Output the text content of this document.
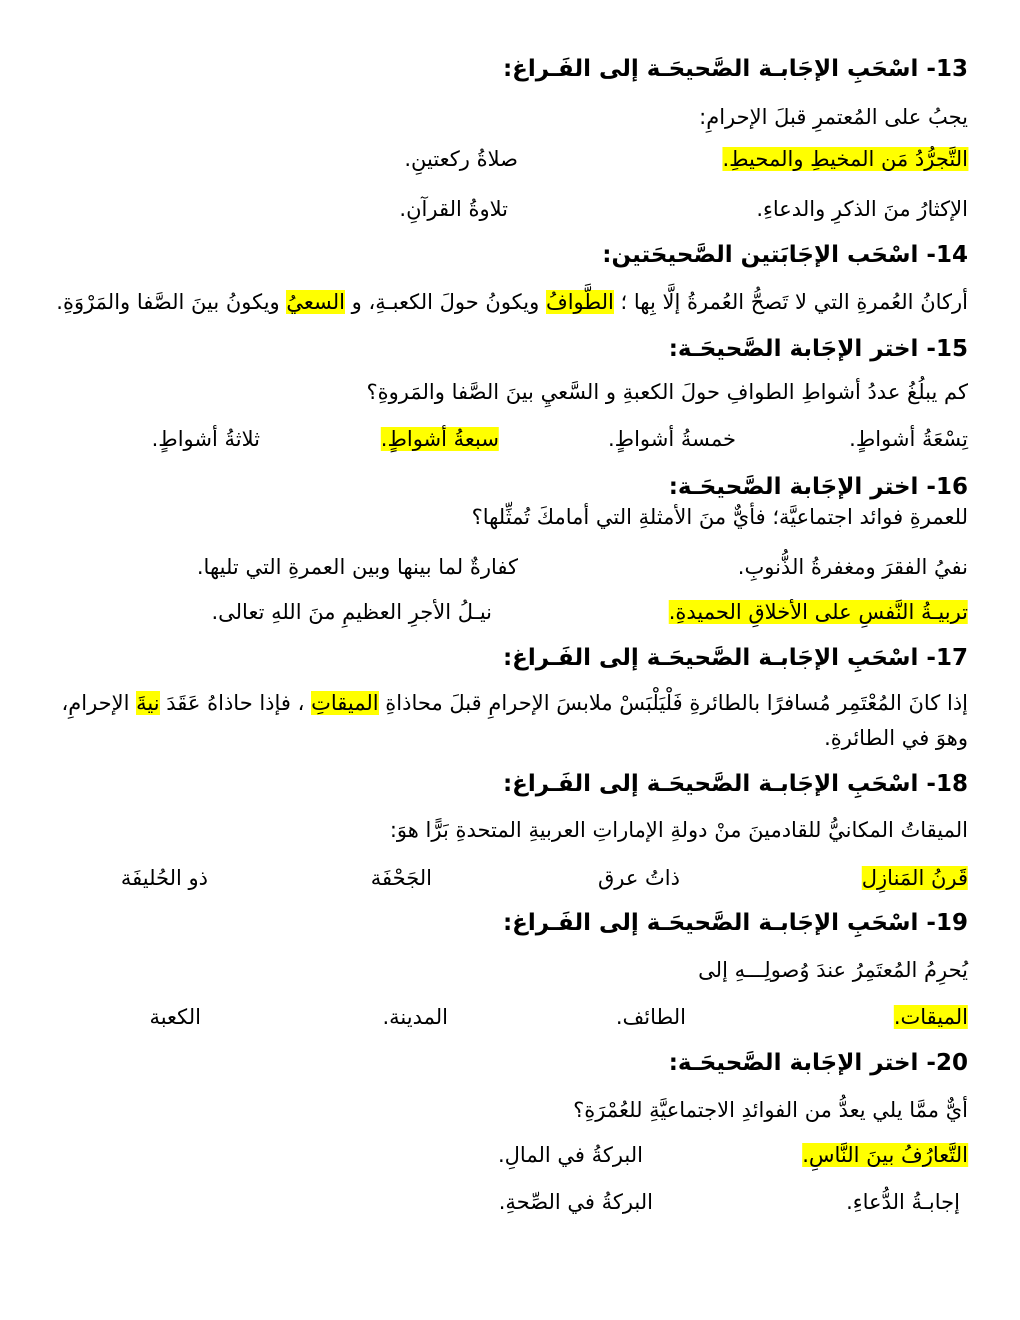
13- اسْحَبِ الإجَابـة الصَّحيحَـة إلى الفَـراغ:
يجبُ على المُعتمرِ قبلَ الإحرامِ:
التَّجرُّدُ مَن المخيطِ والمحيطِ.
صلاةُ ركعتينِ.
الإكثارُ منَ الذكرِ والدعاءِ.
تلاوةُ القرآنِ.
14- اسْحَب الإجَابَتين الصَّحيحَتين:
أركانُ العُمرةِ التي لا تَصحُّ العُمرةُ إلَّا بِها ؛ الطَّوافُ ويكونُ حولَ الكعبـةِ، و السعيُ ويكونُ بينَ الصَّفا والمَرْوَةِ.
15- اختر الإجَابة الصَّحيحَـة:
كم يبلُغُ عددُ أشواطِ الطوافِ حولَ الكعبةِ و السَّعيِ بينَ الصَّفا والمَروةِ؟
تِسْعَةُ أشواطٍ.
خمسةُ أشواطٍ.
سبعةُ أشواطٍ.
ثلاثةُ أشواطٍ.
16- اختر الإجَابة الصَّحيحَـة:
للعمرةِ فوائد اجتماعيَّة؛ فأيٌّ منَ الأمثلةِ التي أمامكَ تُمثِّلها؟
نفيُ الفقرَ ومغفرةُ الذُّنوبِ.
كفارةٌ لما بينها وبين العمرةِ التي تليها.
تربيـةُ النَّفسِ على الأخلاقِ الحميدةِ.
نيـلُ الأجرِ العظيمِ منَ اللهِ تعالى.
17- اسْحَبِ الإجَابـة الصَّحيحَـة إلى الفَـراغ:
إذا كانَ المُعْتَمِر مُسافرًا بالطائرةِ فَلْيَلْبَسْ ملابسَ الإحرامِ قبلَ محاذاةِ الميقاتِ ، فإذا حاذاهُ عَقَدَ نيةَ الإحرامِ، وهوَ في الطائرةِ.
18- اسْحَبِ الإجَابـة الصَّحيحَـة إلى الفَـراغ:
الميقاتُ المكانيُّ للقادمينَ منْ دولةِ الإماراتِ العربيةِ المتحدةِ بَرًّا هوَ:
قَرنُ المَنازِل
ذاتُ عرق
الجَحْفَة
ذو الحُليفَة
19- اسْحَبِ الإجَابـة الصَّحيحَـة إلى الفَـراغ:
يُحرِمُ المُعتَمِرُ عندَ وُصولِـــهِ إلى
الميقات.
الطائف.
المدينة.
الكعبة
20- اختر الإجَابة الصَّحيحَـة:
أيٌّ ممَّا يلي يعدُّ من الفوائدِ الاجتماعيَّةِ للعُمْرَةِ؟
التَّعارُفُ بينَ النَّاسِ.
البركةُ في المالِ.
إجابـةُ الدُّعاءِ.
البركةُ في الصِّحةِ.
